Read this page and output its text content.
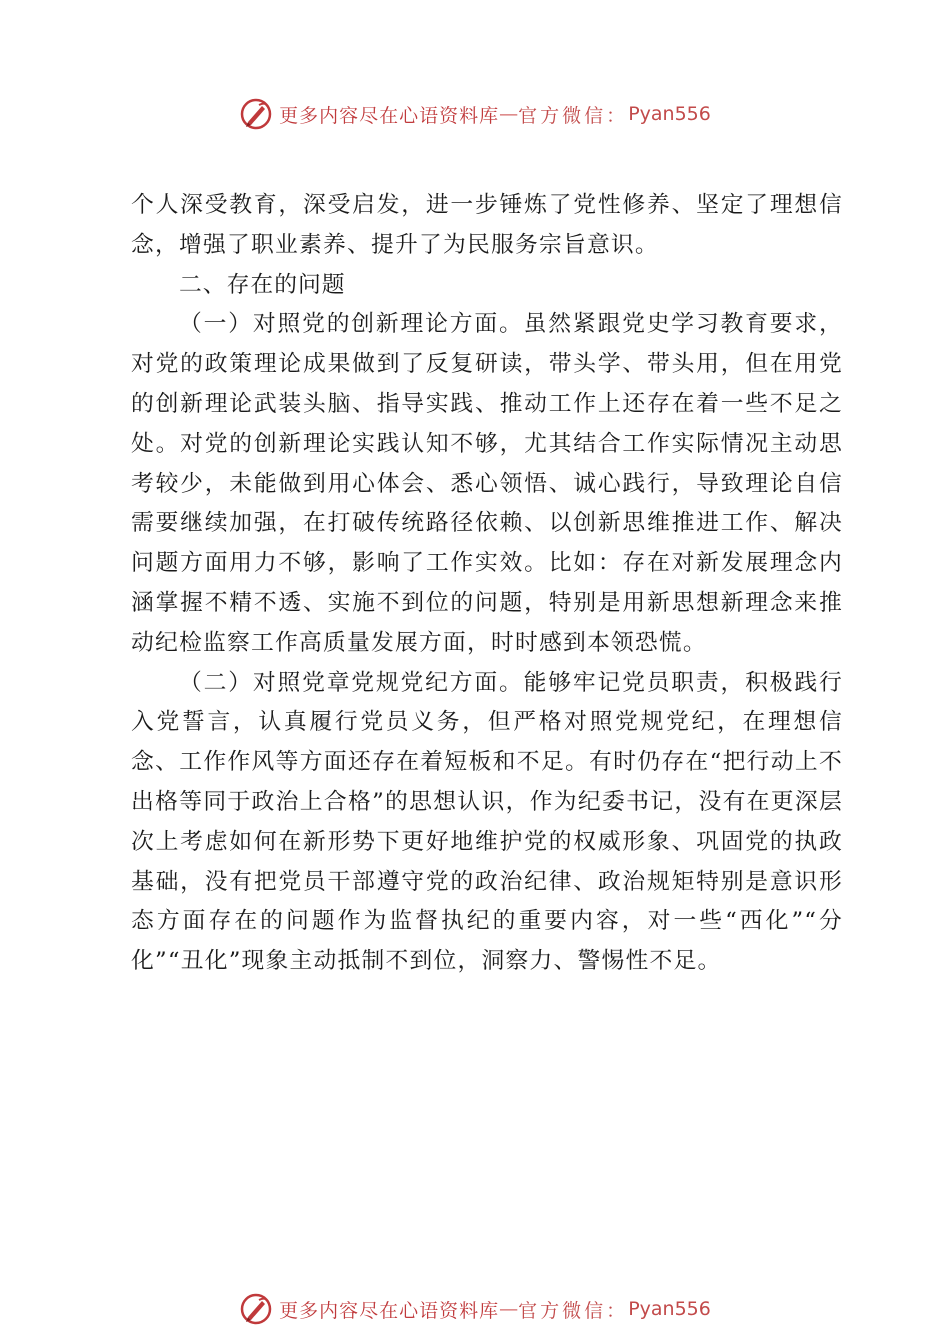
更多内容尽在心语资料库 — 官方微信： Pyan556

个人深受教育，深受启发，进一步锤炼了党性修养、坚定了理想信念，增强了职业素养、提升了为民服务宗旨意识。

二、存在的问题

（一）对照党的创新理论方面。虽然紧跟党史学习教育要求，对党的政策理论成果做到了反复研读，带头学、带头用，但在用党的创新理论武装头脑、指导实践、推动工作上还存在着一些不足之处。对党的创新理论实践认知不够，尤其结合工作实际情况主动思考较少，未能做到用心体会、悉心领悟、诚心践行，导致理论自信需要继续加强，在打破传统路径依赖、以创新思维推进工作、解决问题方面用力不够，影响了工作实效。比如：存在对新发展理念内涵掌握不精不透、实施不到位的问题，特别是用新思想新理念来推动纪检监察工作高质量发展方面，时时感到本领恐慌。

（二）对照党章党规党纪方面。能够牢记党员职责，积极践行入党誓言，认真履行党员义务，但严格对照党规党纪，在理想信念、工作作风等方面还存在着短板和不足。有时仍存在“把行动上不出格等同于政治上合格”的思想认识，作为纪委书记，没有在更深层次上考虑如何在新形势下更好地维护党的权威形象、巩固党的执政基础，没有把党员干部遵守党的政治纪律、政治规矩特别是意识形态方面存在的问题作为监督执纪的重要内容，对一些“西化”“分化”“丑化”现象主动抵制不到位，洞察力、警惕性不足。

更多内容尽在心语资料库 — 官方微信： Pyan556
